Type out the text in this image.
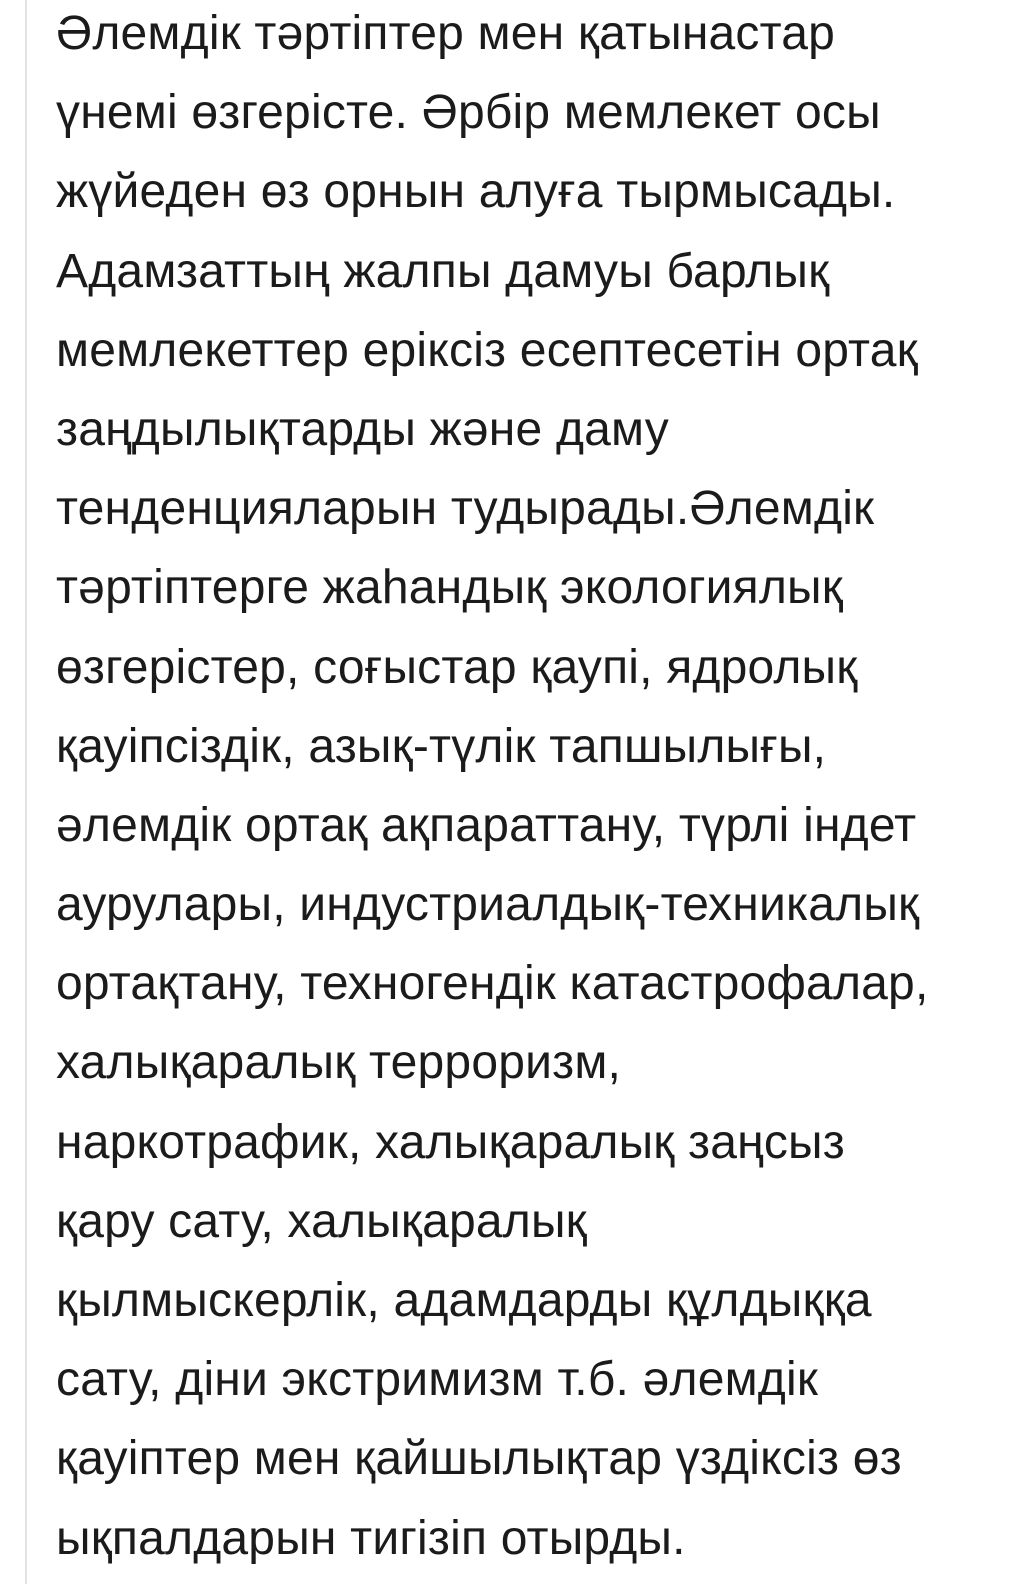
Әлемдік тәртіптер мен қатынастар
үнемі өзгерісте. Әрбір мемлекет осы
жүйеден өз орнын алуға тырмысады.
Адамзаттың жалпы дамуы барлық
мемлекеттер еріксіз есептесетін ортақ
заңдылықтарды және даму
тенденцияларын тудырады.Әлемдік
тәртіптерге жаһандық экологиялық
өзгерістер, соғыстар қаупі, ядролық
қауіпсіздік, азық-түлік тапшылығы,
әлемдік ортақ ақпараттану, түрлі індет
аурулары, индустриалдық-техникалық
ортақтану, техногендік катастрофалар,
халықаралық терроризм,
наркотрафик, халықаралық заңсыз
қару сату, халықаралық
қылмыскерлік, адамдарды құлдыққа
сату, діни экстримизм т.б. әлемдік
қауіптер мен қайшылықтар үздіксіз өз
ықпалдарын тигізіп отырды.
